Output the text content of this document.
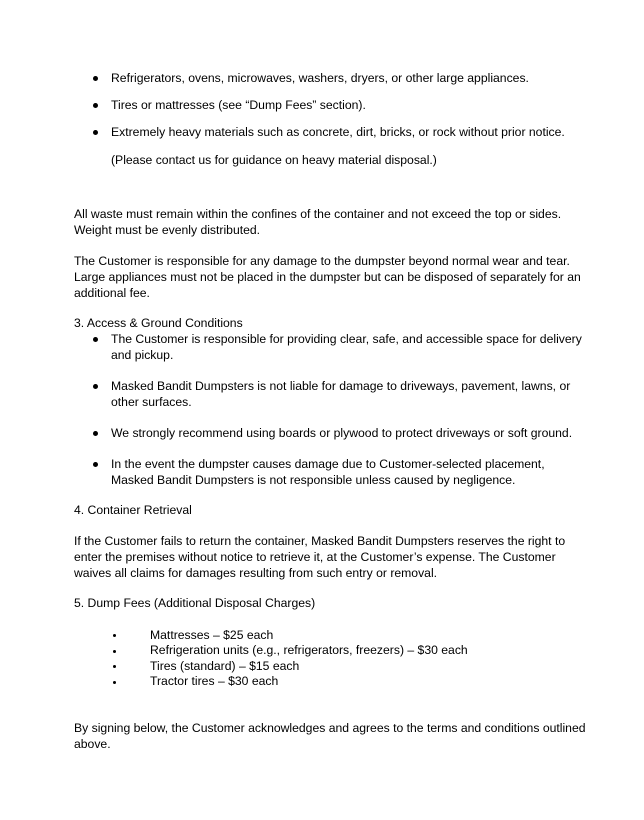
Refrigerators, ovens, microwaves, washers, dryers, or other large appliances.
Tires or mattresses (see “Dump Fees” section).
Extremely heavy materials such as concrete, dirt, bricks, or rock without prior notice.
(Please contact us for guidance on heavy material disposal.)
All waste must remain within the confines of the container and not exceed the top or sides.
Weight must be evenly distributed.
The Customer is responsible for any damage to the dumpster beyond normal wear and tear.
Large appliances must not be placed in the dumpster but can be disposed of separately for an
additional fee.
3. Access & Ground Conditions
The Customer is responsible for providing clear, safe, and accessible space for delivery
and pickup.
Masked Bandit Dumpsters is not liable for damage to driveways, pavement, lawns, or
other surfaces.
We strongly recommend using boards or plywood to protect driveways or soft ground.
In the event the dumpster causes damage due to Customer-selected placement,
Masked Bandit Dumpsters is not responsible unless caused by negligence.
4. Container Retrieval
If the Customer fails to return the container, Masked Bandit Dumpsters reserves the right to
enter the premises without notice to retrieve it, at the Customer’s expense. The Customer
waives all claims for damages resulting from such entry or removal.
5. Dump Fees (Additional Disposal Charges)
Mattresses – $25 each
Refrigeration units (e.g., refrigerators, freezers) – $30 each
Tires (standard) – $15 each
Tractor tires – $30 each
By signing below, the Customer acknowledges and agrees to the terms and conditions outlined
above.
